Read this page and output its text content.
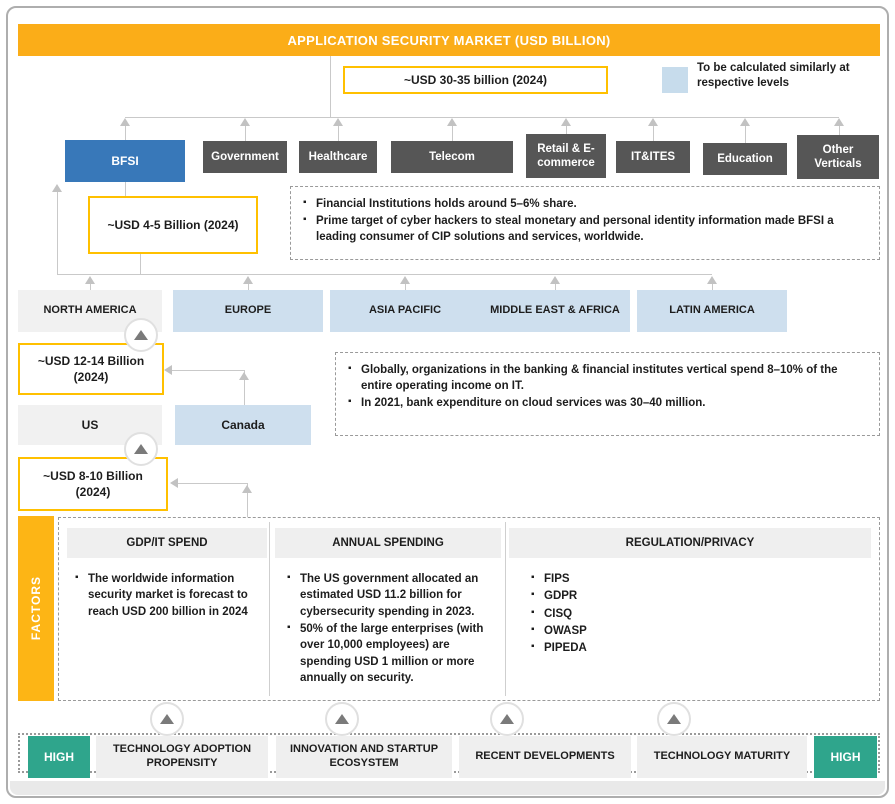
APPLICATION SECURITY MARKET (USD BILLION)
~USD 30-35 billion (2024)
To be calculated similarly at respective levels
BFSI	Government	Healthcare	Telecom
Retail & E-commerce
IT&ITES	Education
Other Verticals
~USD 4-5 Billion (2024)
▪ Financial Institutions holds around 5–6% share.
▪ Prime target of cyber hackers to steal monetary and personal identity information made BFSI a leading consumer of CIP solutions and services, worldwide.
NORTH AMERICA	EUROPE	ASIA PACIFIC	MIDDLE EAST & AFRICA	LATIN AMERICA
~USD 12-14 Billion (2024)	▪ Globally, organizations in the banking & financial institutes vertical spend 8–10% of the entire operating income on IT.
▪ In 2021, bank expenditure on cloud services was 30–40 million.
US	Canada
~USD 8-10 Billion (2024)
FACTORS
GDP/IT SPEND	ANNUAL SPENDING	REGULATION/PRIVACY
▪ The worldwide information security market is forecast to reach USD 200 billion in 2024
▪ The US government allocated an estimated USD 11.2 billion for cybersecurity spending in 2023.
▪ 50% of the large enterprises (with over 10,000 employees) are spending USD 1 million or more annually on security.
▪ FIPS
▪ GDPR
▪ CISQ
▪ OWASP
▪ PIPEDA
HIGH
TECHNOLOGY ADOPTION PROPENSITY
INNOVATION AND STARTUP ECOSYSTEM
RECENT DEVELOPMENTS	TECHNOLOGY MATURITY	HIGH
